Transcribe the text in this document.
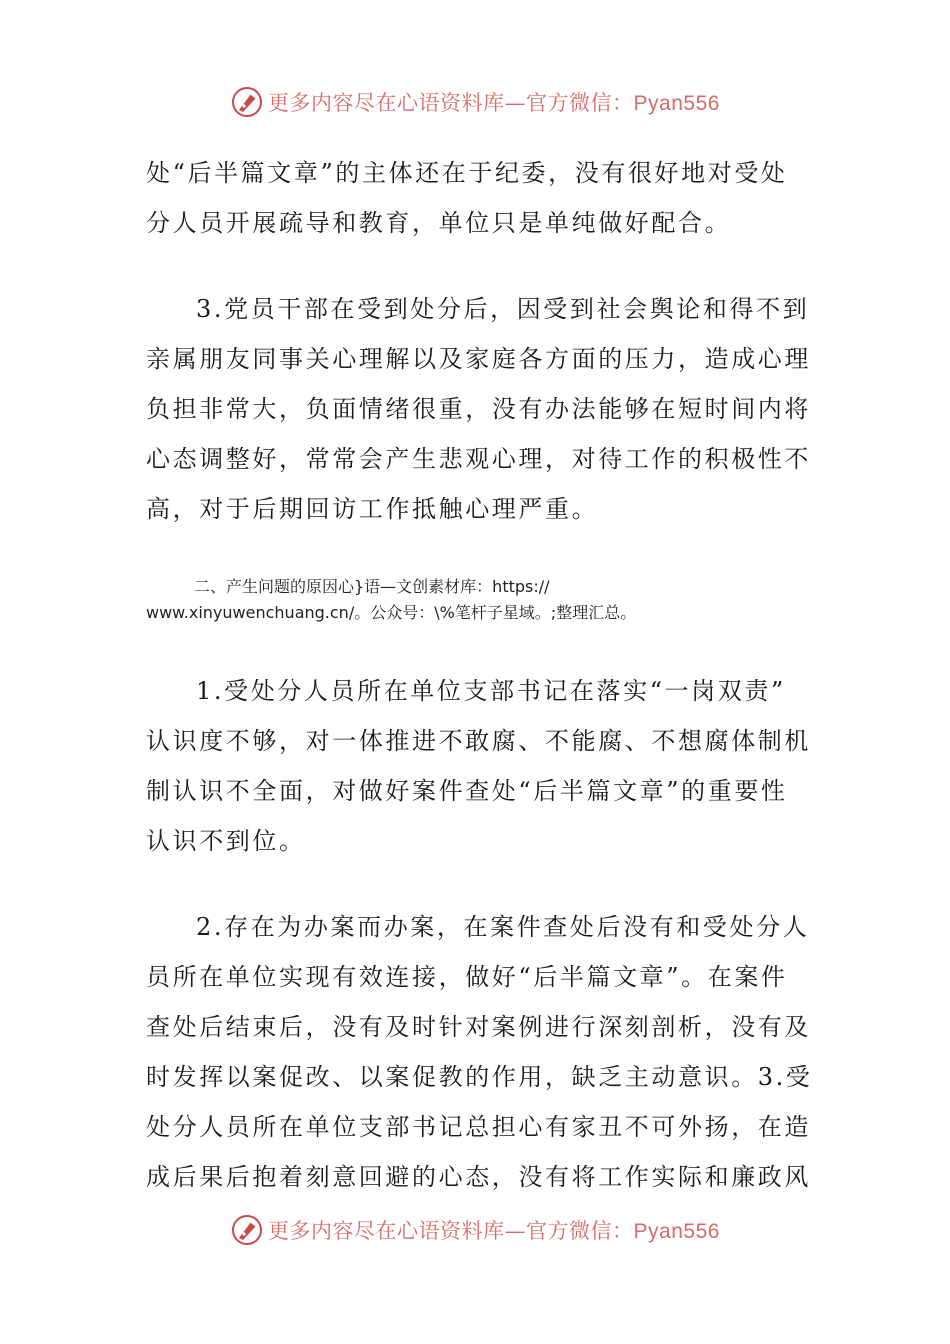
更多内容尽在心语资料库—官方微信：Pyan556

处“后半篇文章”的主体还在于纪委，没有很好地对受处
分人员开展疏导和教育，单位只是单纯做好配合。

3.党员干部在受到处分后，因受到社会舆论和得不到
亲属朋友同事关心理解以及家庭各方面的压力，造成心理
负担非常大，负面情绪很重，没有办法能够在短时间内将
心态调整好，常常会产生悲观心理，对待工作的积极性不
高，对于后期回访工作抵触心理严重。

二、产生问题的原因心}语—文创素材库：https://
www.xinyuwenchuang.cn/。公众号：\%笔杆子星域。;整理汇总。

1.受处分人员所在单位支部书记在落实“一岗双责”
认识度不够，对一体推进不敢腐、不能腐、不想腐体制机
制认识不全面，对做好案件查处“后半篇文章”的重要性
认识不到位。

2.存在为办案而办案，在案件查处后没有和受处分人
员所在单位实现有效连接，做好“后半篇文章”。在案件
查处后结束后，没有及时针对案例进行深刻剖析，没有及
时发挥以案促改、以案促教的作用，缺乏主动意识。3.受
处分人员所在单位支部书记总担心有家丑不可外扬，在造
成后果后抱着刻意回避的心态，没有将工作实际和廉政风

更多内容尽在心语资料库—官方微信：Pyan556
